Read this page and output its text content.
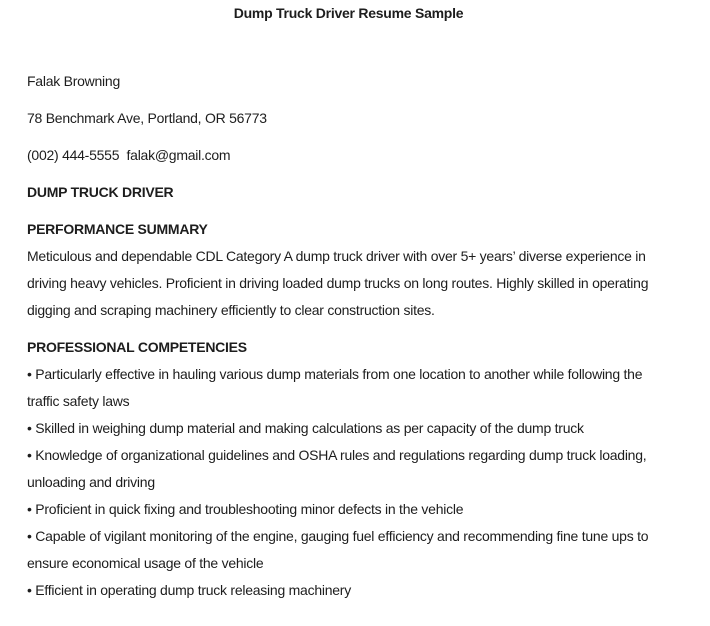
Dump Truck Driver Resume Sample
Falak Browning
78 Benchmark Ave, Portland, OR 56773
(002) 444-5555  falak@gmail.com
DUMP TRUCK DRIVER
PERFORMANCE SUMMARY
Meticulous and dependable CDL Category A dump truck driver with over 5+ years’ diverse experience in
driving heavy vehicles. Proficient in driving loaded dump trucks on long routes. Highly skilled in operating
digging and scraping machinery efficiently to clear construction sites.
PROFESSIONAL COMPETENCIES
• Particularly effective in hauling various dump materials from one location to another while following the
traffic safety laws
• Skilled in weighing dump material and making calculations as per capacity of the dump truck
• Knowledge of organizational guidelines and OSHA rules and regulations regarding dump truck loading,
unloading and driving
• Proficient in quick fixing and troubleshooting minor defects in the vehicle
• Capable of vigilant monitoring of the engine, gauging fuel efficiency and recommending fine tune ups to
ensure economical usage of the vehicle
• Efficient in operating dump truck releasing machinery
